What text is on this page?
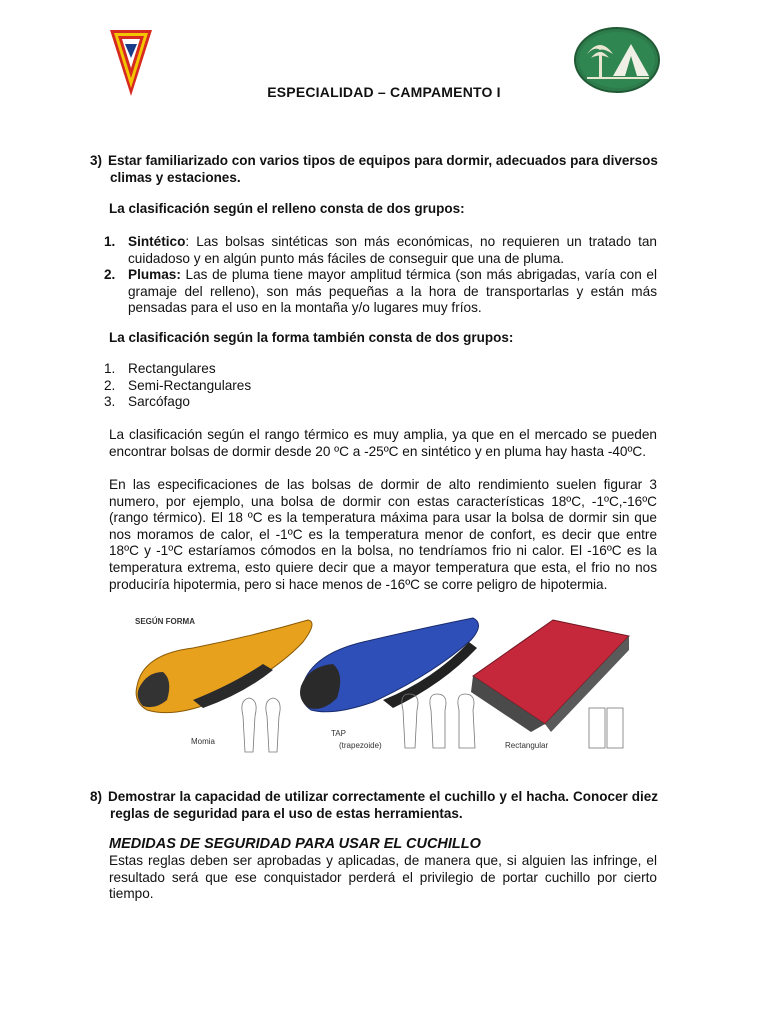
ESPECIALIDAD – CAMPAMENTO I
3) Estar familiarizado con varios tipos de equipos para dormir, adecuados para diversos climas y estaciones.
La clasificación según el relleno consta de dos grupos:
1. Sintético: Las bolsas sintéticas son más económicas, no requieren un tratado tan cuidadoso y en algún punto más fáciles de conseguir que una de pluma.
2. Plumas: Las de pluma tiene mayor amplitud térmica (son más abrigadas, varía con el gramaje del relleno), son más pequeñas a la hora de transportarlas y están más pensadas para el uso en la montaña y/o lugares muy fríos.
La clasificación según la forma también consta de dos grupos:
1. Rectangulares
2. Semi-Rectangulares
3. Sarcófago
La clasificación según el rango térmico es muy amplia, ya que en el mercado se pueden encontrar bolsas de dormir desde 20 ºC a -25ºC en sintético y en pluma hay hasta -40ºC.
En las especificaciones de las bolsas de dormir de alto rendimiento suelen figurar 3 numero, por ejemplo, una bolsa de dormir con estas características 18ºC, -1ºC,-16ºC (rango térmico). El 18 ºC es la temperatura máxima para usar la bolsa de dormir sin que nos moramos de calor, el -1ºC es la temperatura menor de confort, es decir que entre 18ºC y -1ºC estaríamos cómodos en la bolsa, no tendríamos frio ni calor. El -16ºC es la temperatura extrema, esto quiere decir que a mayor temperatura que esta, el frio no nos produciría hipotermia, pero si hace menos de -16ºC se corre peligro de hipotermia.
SEGÚN FORMA
Momia
TAP
(trapezoide)	Rectangular
8) Demostrar la capacidad de utilizar correctamente el cuchillo y el hacha. Conocer diez reglas de seguridad para el uso de estas herramientas.
MEDIDAS DE SEGURIDAD PARA USAR EL CUCHILLO
Estas reglas deben ser aprobadas y aplicadas, de manera que, si alguien las infringe, el resultado será que ese conquistador perderá el privilegio de portar cuchillo por cierto tiempo.
